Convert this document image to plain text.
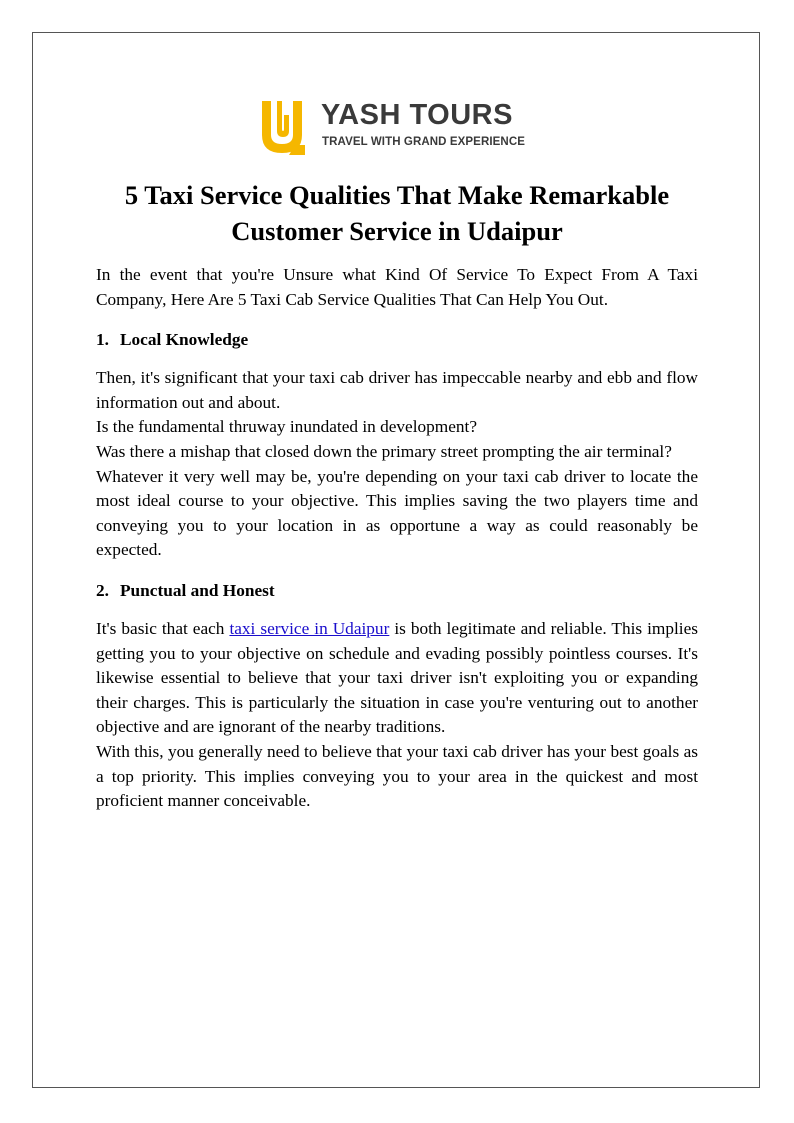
YASH TOURS
TRAVEL WITH GRAND EXPERIENCE
5 Taxi Service Qualities That Make Remarkable Customer Service in Udaipur

In the event that you're Unsure what Kind Of Service To Expect From A Taxi Company, Here Are 5 Taxi Cab Service Qualities That Can Help You Out.

1. Local Knowledge

Then, it's significant that your taxi cab driver has impeccable nearby and ebb and flow information out and about.

Is the fundamental thruway inundated in development?

Was there a mishap that closed down the primary street prompting the air terminal?

Whatever it very well may be, you're depending on your taxi cab driver to locate the most ideal course to your objective. This implies saving the two players time and conveying you to your location in as opportune a way as could reasonably be expected.

2. Punctual and Honest

It's basic that each taxi service in Udaipur is both legitimate and reliable. This implies getting you to your objective on schedule and evading possibly pointless courses. It's likewise essential to believe that your taxi driver isn't exploiting you or expanding their charges. This is particularly the situation in case you're venturing out to another objective and are ignorant of the nearby traditions.

With this, you generally need to believe that your taxi cab driver has your best goals as a top priority. This implies conveying you to your area in the quickest and most proficient manner conceivable.
